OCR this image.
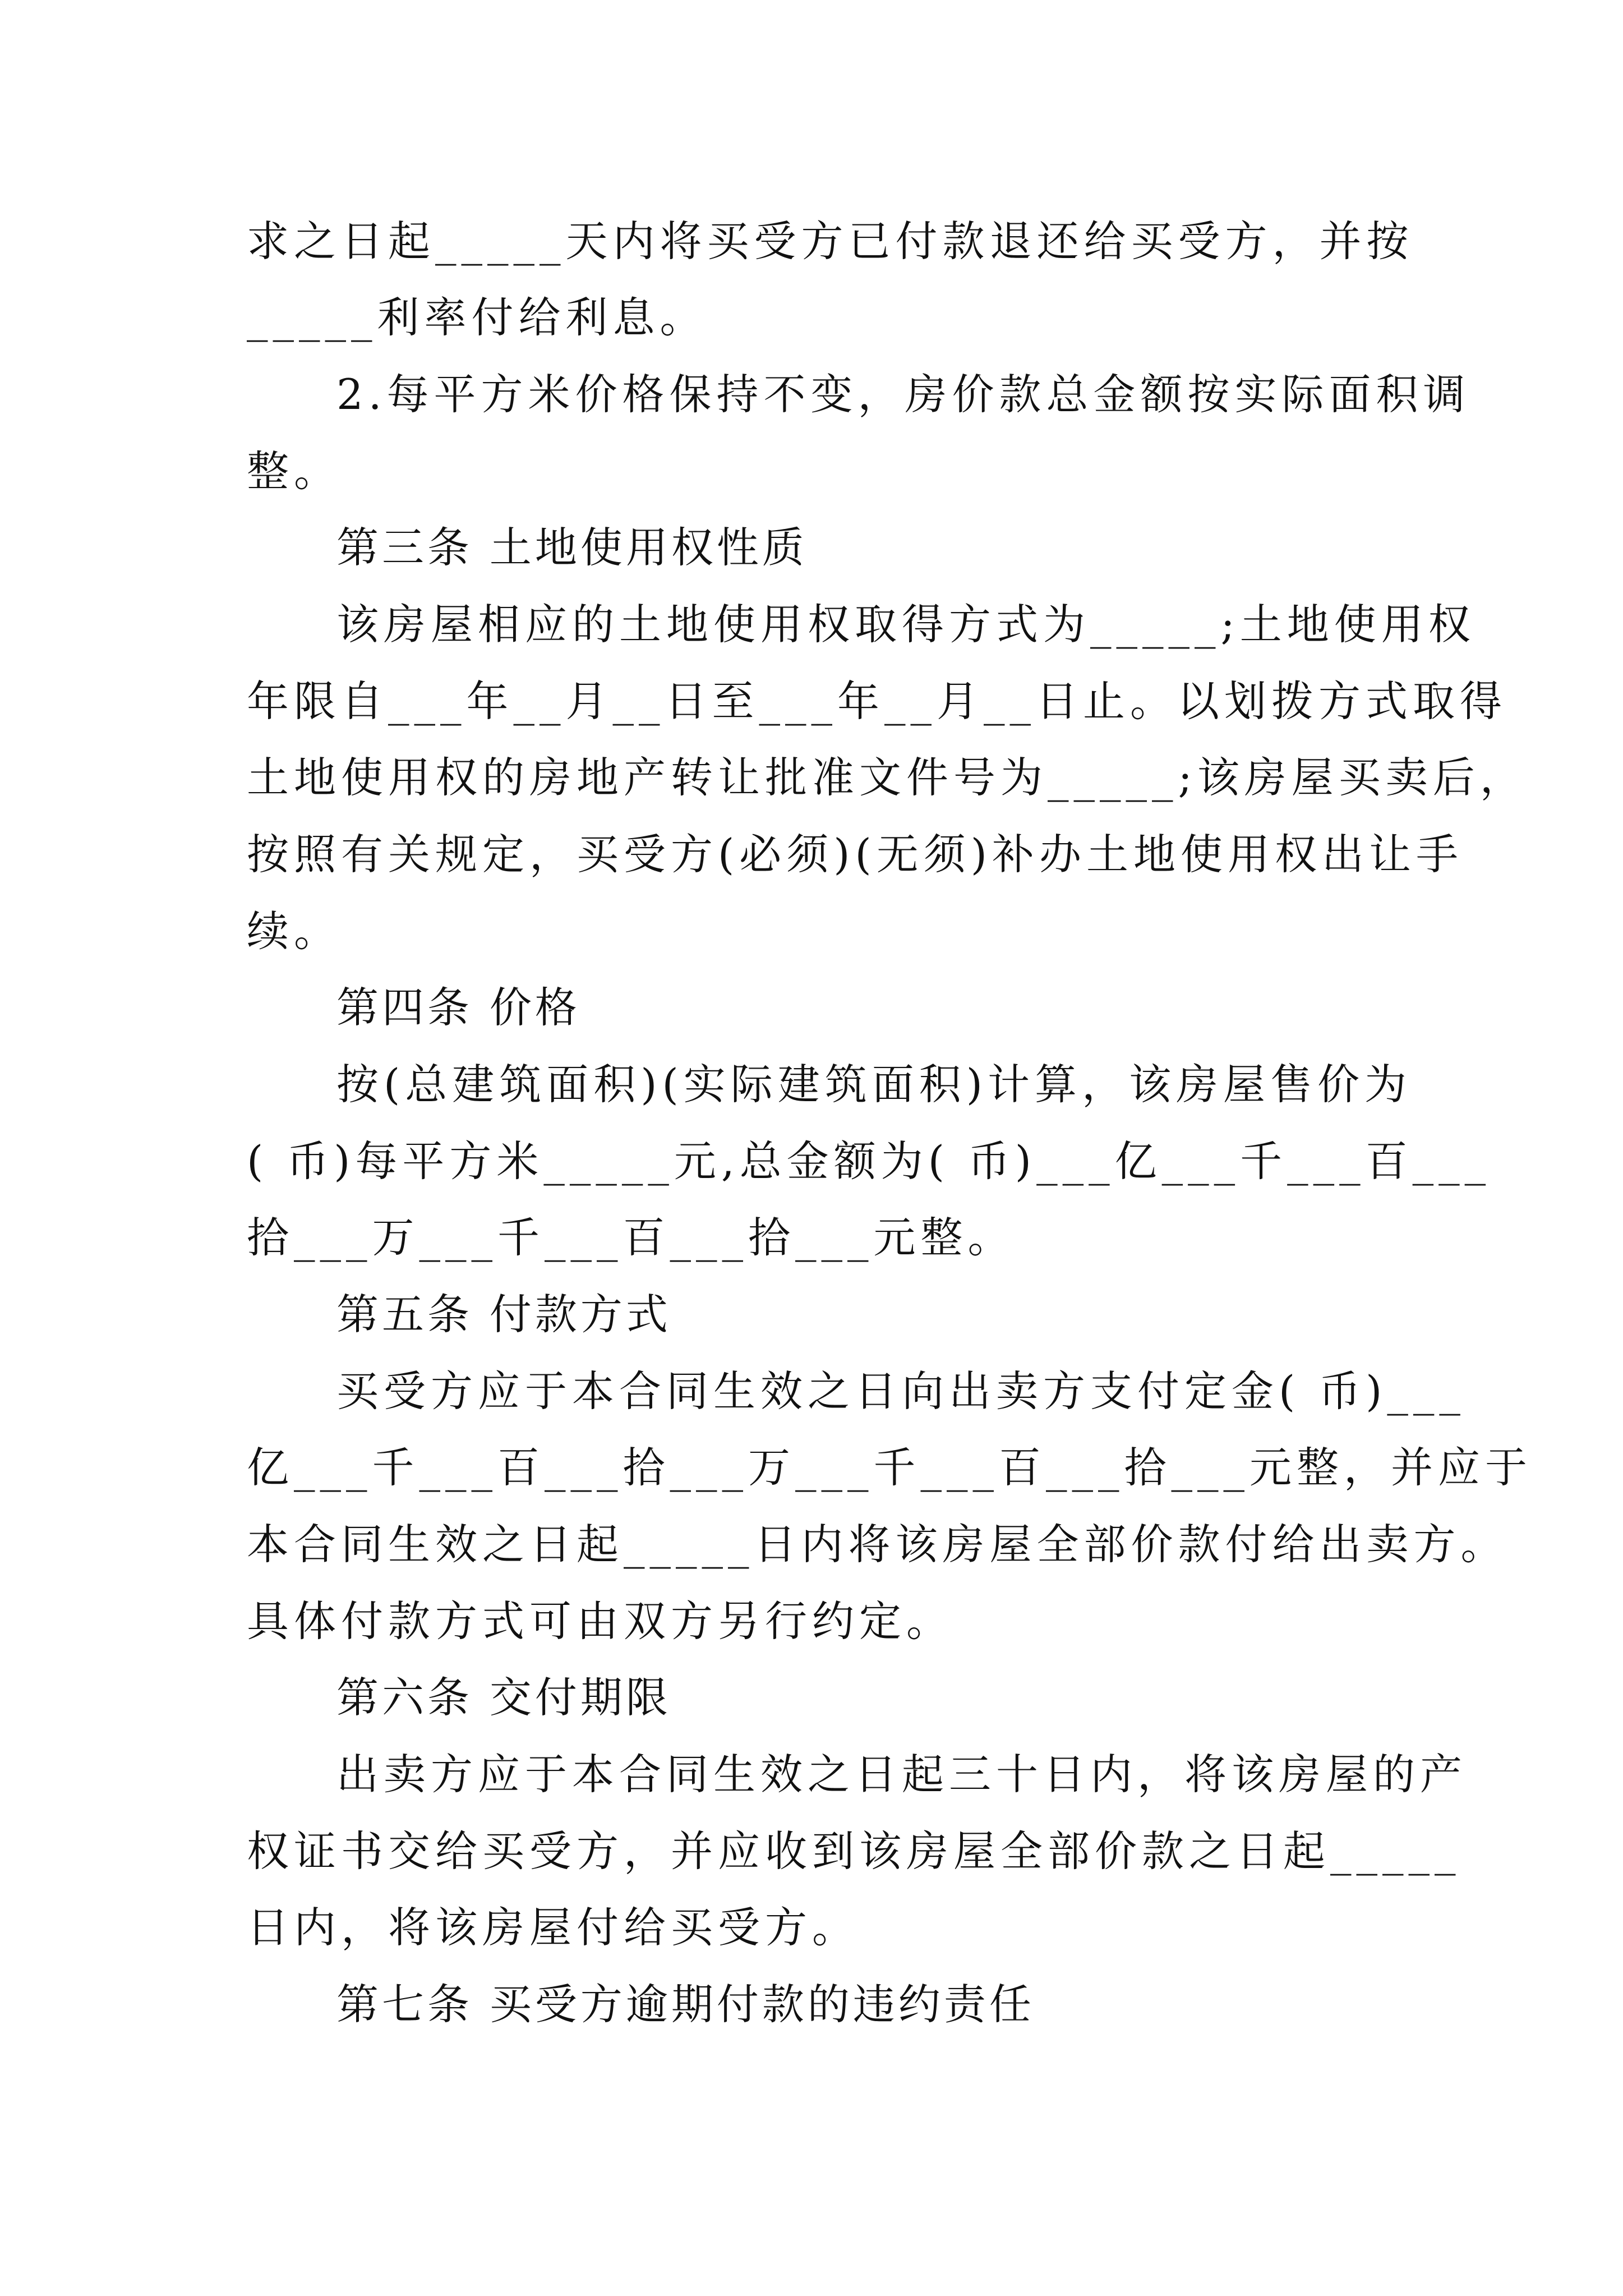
求之日起_____天内将买受方已付款退还给买受方，并按
_____利率付给利息。
2.每平方米价格保持不变，房价款总金额按实际面积调
整。
第三条 土地使用权性质
该房屋相应的土地使用权取得方式为_____;土地使用权
年限自___年__月__日至___年__月__日止。以划拨方式取得
土地使用权的房地产转让批准文件号为_____;该房屋买卖后，
按照有关规定，买受方(必须)(无须)补办土地使用权出让手
续。
第四条 价格
按(总建筑面积)(实际建筑面积)计算，该房屋售价为
( 币)每平方米_____元,总金额为( 币)___亿___千___百___
拾___万___千___百___拾___元整。
第五条 付款方式
买受方应于本合同生效之日向出卖方支付定金( 币)___
亿___千___百___拾___万___千___百___拾___元整，并应于
本合同生效之日起_____日内将该房屋全部价款付给出卖方。
具体付款方式可由双方另行约定。
第六条 交付期限
出卖方应于本合同生效之日起三十日内，将该房屋的产
权证书交给买受方，并应收到该房屋全部价款之日起_____
日内，将该房屋付给买受方。
第七条 买受方逾期付款的违约责任
